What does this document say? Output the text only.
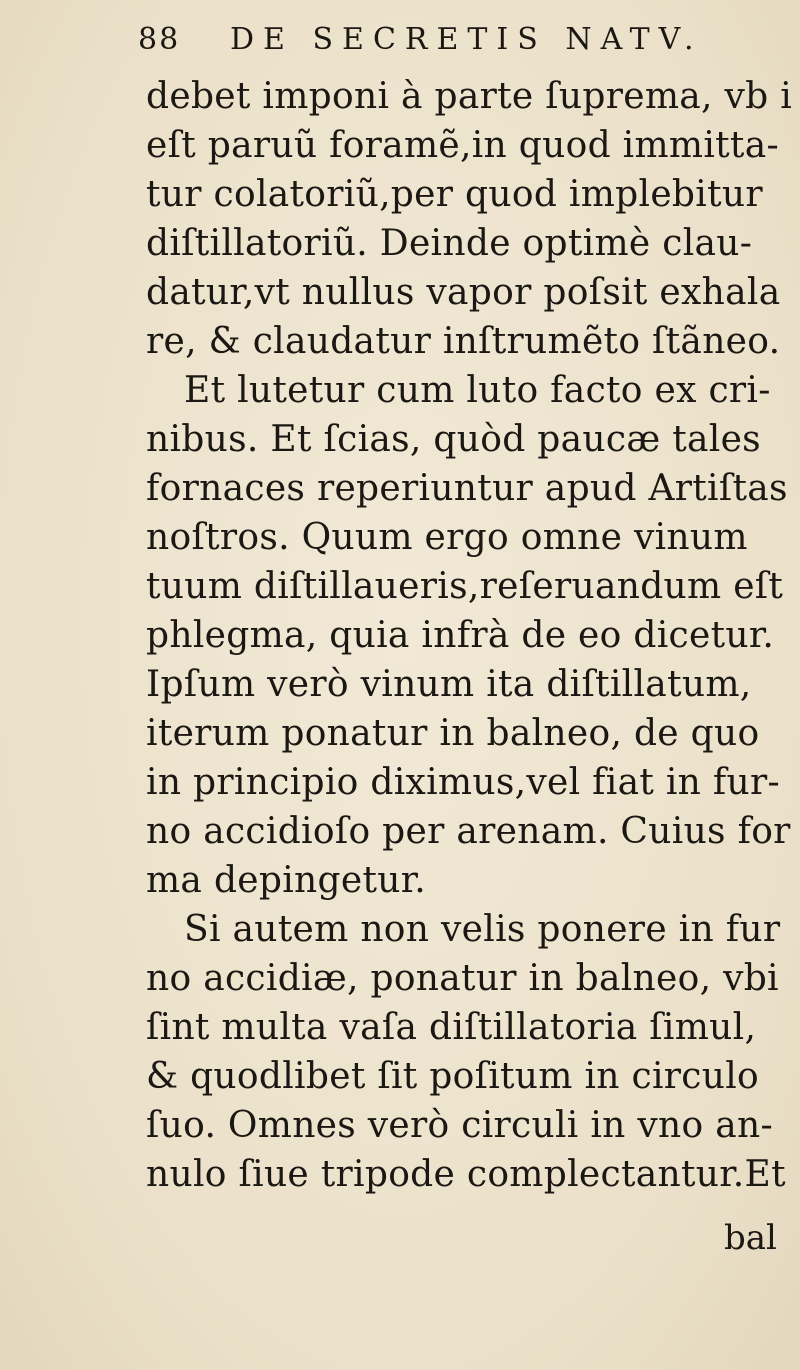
88 DE SECRETIS NATV.
debet imponi à parte ſuprema, vb i
eſt paruũ foramẽ,in quod immitta-
tur colatoriũ,per quod implebitur
diſtillatoriũ. Deinde optimè clau-
datur,vt nullus vapor poſsit exhala
re, & claudatur inſtrumẽto ſtãneo.
Et lutetur cum luto facto ex cri-
nibus. Et ſcias, quòd paucæ tales
fornaces reperiuntur apud Artiſtas
noſtros. Quum ergo omne vinum
tuum diſtillaueris,reſeruandum eſt
phlegma, quia infrà de eo dicetur.
Ipſum verò vinum ita diſtillatum,
iterum ponatur in balneo, de quo
in principio diximus,vel fiat in fur-
no accidioſo per arenam. Cuius for
ma depingetur.
Si autem non velis ponere in fur
no accidiæ, ponatur in balneo, vbi
ſint multa vaſa diſtillatoria ſimul,
& quodlibet ſit poſitum in circulo
ſuo. Omnes verò circuli in vno an-
nulo ſiue tripode complectantur.Et
bal
